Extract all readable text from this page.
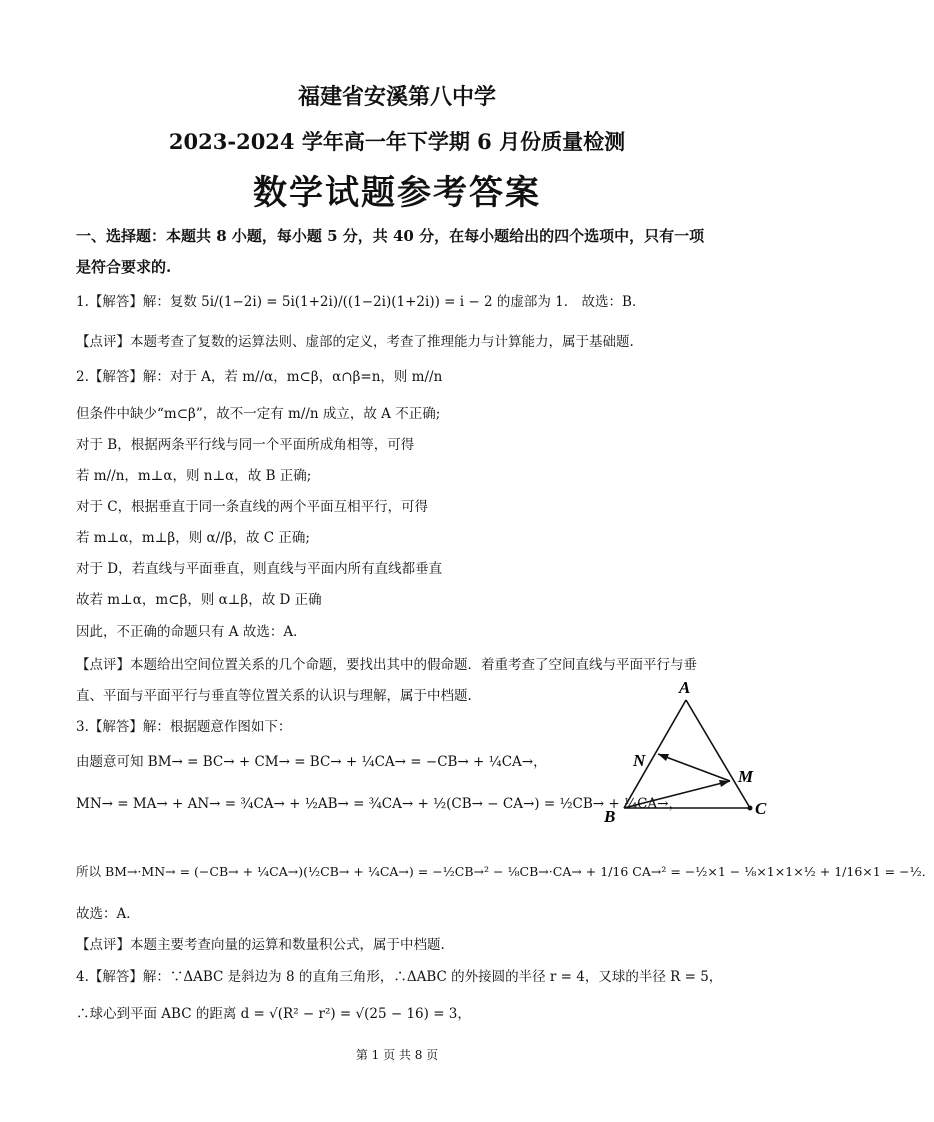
福建省安溪第八中学
2023-2024 学年高一年下学期 6 月份质量检测
数学试题参考答案
一、选择题：本题共 8 小题，每小题 5 分，共 40 分，在每小题给出的四个选项中，只有一项
是符合要求的.
1.【解答】解：复数 5i/(1−2i) = 5i(1+2i)/((1−2i)(1+2i)) = i − 2 的虚部为 1． 故选：B．
【点评】本题考查了复数的运算法则、虚部的定义，考查了推理能力与计算能力，属于基础题.
2.【解答】解：对于 A，若 m//α，m⊂β，α∩β=n，则 m//n
但条件中缺少“m⊂β”，故不一定有 m//n 成立，故 A 不正确;
对于 B，根据两条平行线与同一个平面所成角相等，可得
若 m//n，m⊥α，则 n⊥α，故 B 正确;
对于 C，根据垂直于同一条直线的两个平面互相平行，可得
若 m⊥α，m⊥β，则 α//β，故 C 正确;
对于 D，若直线与平面垂直，则直线与平面内所有直线都垂直
故若 m⊥α，m⊂β，则 α⊥β，故 D 正确
因此，不正确的命题只有 A 故选：A．
【点评】本题给出空间位置关系的几个命题，要找出其中的假命题．着重考查了空间直线与平面平行与垂
直、平面与平面平行与垂直等位置关系的认识与理解，属于中档题.
3.【解答】解：根据题意作图如下：
由题意可知 BM→ = BC→ + CM→ = BC→ + ¼CA→ = −CB→ + ¼CA→，
MN→ = MA→ + AN→ = ¾CA→ + ½AB→ = ¾CA→ + ½(CB→ − CA→) = ½CB→ + ¼CA→，
所以 BM→·MN→ = (−CB→ + ¼CA→)(½CB→ + ¼CA→) = −½CB→² − ⅛CB→·CA→ + 1/16 CA→² = −½×1 − ⅛×1×1×½ + 1/16×1 = −½．
故选：A．
【点评】本题主要考查向量的运算和数量积公式，属于中档题.
A
B	C
N
M
4.【解答】解：∵ΔABC 是斜边为 8 的直角三角形，∴ΔABC 的外接圆的半径 r = 4，又球的半径 R = 5，
∴球心到平面 ABC 的距离 d = √(R² − r²) = √(25 − 16) = 3，
第 1 页 共 8 页
